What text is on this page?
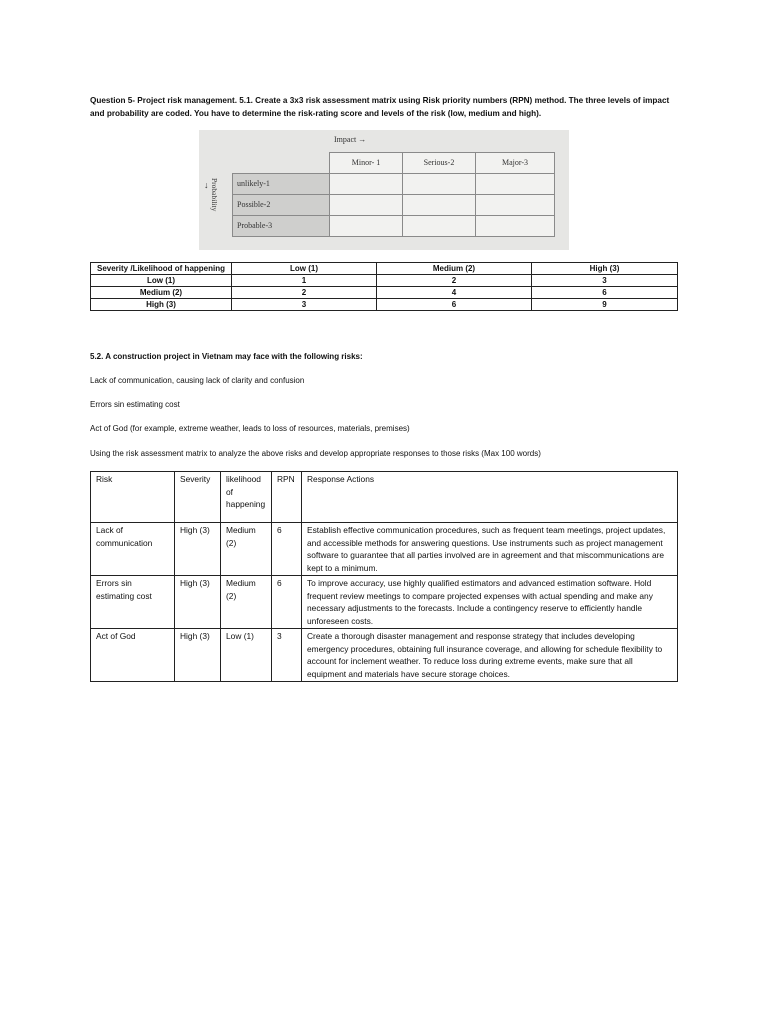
Question 5- Project risk management. 5.1. Create a 3x3 risk assessment matrix using Risk priority numbers (RPN) method. The three levels of impact and probability are coded. You have to determine the risk-rating score and levels of the risk (low, medium and high).
Impact →
↓ Probability
	Minor- 1	Serious-2	Major-3
unlikely-1			
Possible-2			
Probable-3			
Severity /Likelihood of happening	Low (1)	Medium (2)	High (3)
Low (1)	1	2	3
Medium (2)	2	4	6
High (3)	3	6	9
5.2. A construction project in Vietnam may face with the following risks:
Lack of communication, causing lack of clarity and confusion
Errors sin estimating cost
Act of God (for example, extreme weather, leads to loss of resources, materials, premises)
Using the risk assessment matrix to analyze the above risks and develop appropriate responses to those risks (Max 100 words)
Risk	Severity	likelihood of happening	RPN	Response Actions
Lack of communication	High (3)	Medium (2)	6	Establish effective communication procedures, such as frequent team meetings, project updates, and accessible methods for answering questions. Use instruments such as project management software to guarantee that all parties involved are in agreement and that miscommunications are kept to a minimum.
Errors sin estimating cost	High (3)	Medium (2)	6	To improve accuracy, use highly qualified estimators and advanced estimation software. Hold frequent review meetings to compare projected expenses with actual spending and make any necessary adjustments to the forecasts. Include a contingency reserve to efficiently handle unforeseen costs.
Act of God	High (3)	Low (1)	3	Create a thorough disaster management and response strategy that includes developing emergency procedures, obtaining full insurance coverage, and allowing for schedule flexibility to account for inclement weather. To reduce loss during extreme events, make sure that all equipment and materials have secure storage choices.
